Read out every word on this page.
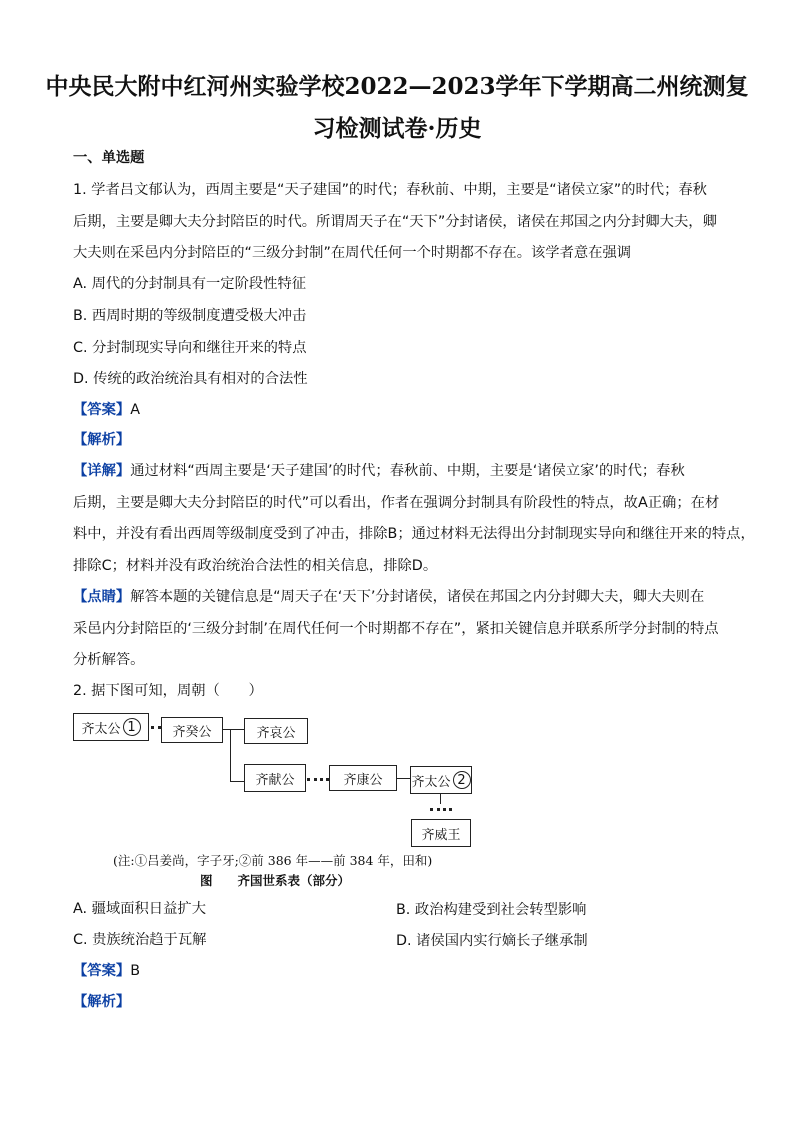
中央民大附中红河州实验学校2022—2023学年下学期高二州统测复
习检测试卷·历史
一、单选题
1. 学者吕文郁认为，西周主要是“天子建国”的时代；春秋前、中期，主要是“诸侯立家”的时代；春秋
后期，主要是卿大夫分封陪臣的时代。所谓周天子在“天下”分封诸侯，诸侯在邦国之内分封卿大夫，卿
大夫则在采邑内分封陪臣的“三级分封制”在周代任何一个时期都不存在。该学者意在强调
A. 周代的分封制具有一定阶段性特征
B. 西周时期的等级制度遭受极大冲击
C. 分封制现实导向和继往开来的特点
D. 传统的政治统治具有相对的合法性
【答案】A
【解析】
【详解】通过材料“西周主要是‘天子建国’的时代；春秋前、中期，主要是‘诸侯立家’的时代；春秋
后期，主要是卿大夫分封陪臣的时代”可以看出，作者在强调分封制具有阶段性的特点，故A正确；在材
料中，并没有看出西周等级制度受到了冲击，排除B；通过材料无法得出分封制现实导向和继往开来的特点，
排除C；材料并没有政治统治合法性的相关信息，排除D。
【点睛】解答本题的关键信息是“周天子在‘天下’分封诸侯，诸侯在邦国之内分封卿大夫，卿大夫则在
采邑内分封陪臣的‘三级分封制’在周代任何一个时期都不存在”，紧扣关键信息并联系所学分封制的特点
分析解答。
2. 据下图可知，周朝（　　）
齐太公 1	齐癸公	齐哀公
齐献公	齐康公	齐太公 2
齐威王
(注:①吕姜尚，字子牙;②前 386 年——前 384 年，田和)
图　　齐国世系表（部分）
A. 疆域面积日益扩大	B. 政治构建受到社会转型影响
C. 贵族统治趋于瓦解	D. 诸侯国内实行嫡长子继承制
【答案】B
【解析】
